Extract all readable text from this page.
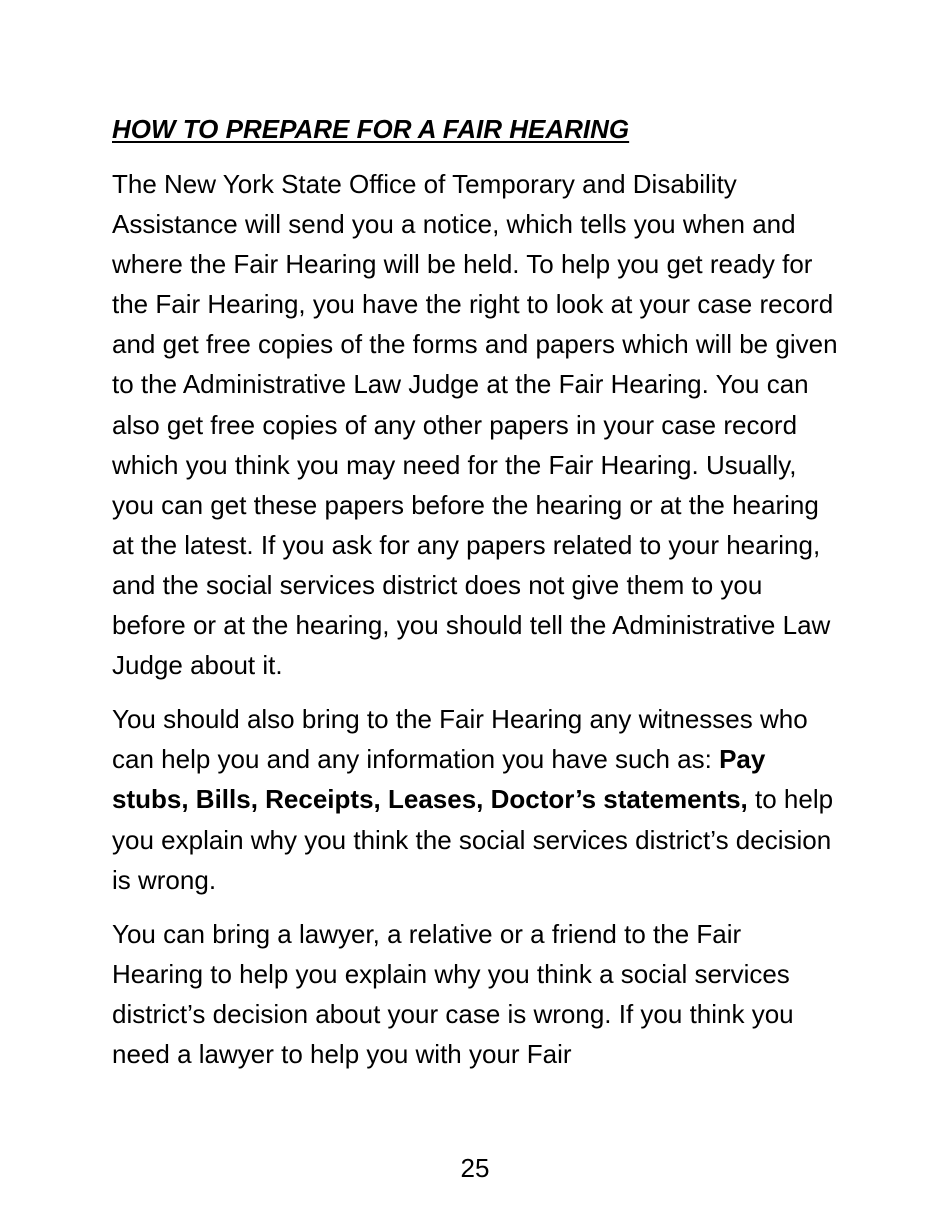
HOW TO PREPARE FOR A FAIR HEARING

The New York State Office of Temporary and Disability Assistance will send you a notice, which tells you when and where the Fair Hearing will be held. To help you get ready for the Fair Hearing, you have the right to look at your case record and get free copies of the forms and papers which will be given to the Administrative Law Judge at the Fair Hearing. You can also get free copies of any other papers in your case record which you think you may need for the Fair Hearing. Usually, you can get these papers before the hearing or at the hearing at the latest. If you ask for any papers related to your hearing, and the social services district does not give them to you before or at the hearing, you should tell the Administrative Law Judge about it.

You should also bring to the Fair Hearing any witnesses who can help you and any information you have such as: Pay stubs, Bills, Receipts, Leases, Doctor’s statements, to help you explain why you think the social services district’s decision is wrong.

You can bring a lawyer, a relative or a friend to the Fair Hearing to help you explain why you think a social services district’s decision about your case is wrong. If you think you need a lawyer to help you with your Fair

25
